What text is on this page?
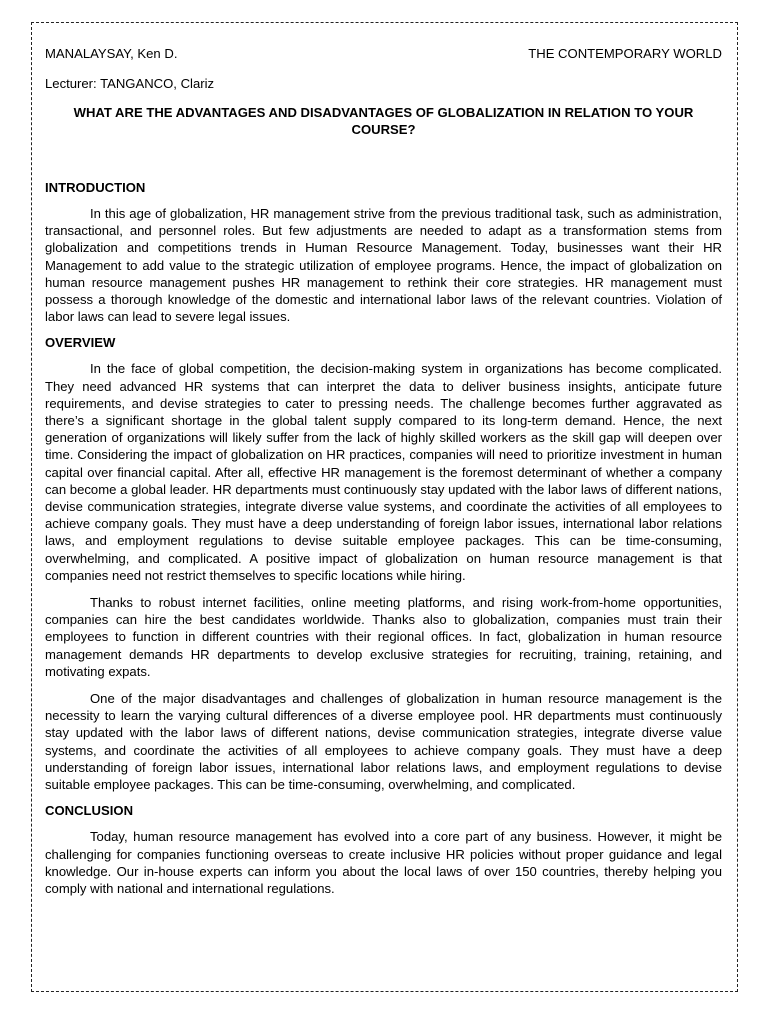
MANALAYSAY, Ken D.	THE CONTEMPORARY WORLD
Lecturer: TANGANCO, Clariz
WHAT ARE THE ADVANTAGES AND DISADVANTAGES OF GLOBALIZATION IN RELATION TO YOUR COURSE?
INTRODUCTION

In this age of globalization, HR management strive from the previous traditional task, such as administration, transactional, and personnel roles. But few adjustments are needed to adapt as a transformation stems from globalization and competitions trends in Human Resource Management. Today, businesses want their HR Management to add value to the strategic utilization of employee programs. Hence, the impact of globalization on human resource management pushes HR management to rethink their core strategies. HR management must possess a thorough knowledge of the domestic and international labor laws of the relevant countries. Violation of labor laws can lead to severe legal issues.

OVERVIEW

In the face of global competition, the decision-making system in organizations has become complicated. They need advanced HR systems that can interpret the data to deliver business insights, anticipate future requirements, and devise strategies to cater to pressing needs. The challenge becomes further aggravated as there’s a significant shortage in the global talent supply compared to its long-term demand. Hence, the next generation of organizations will likely suffer from the lack of highly skilled workers as the skill gap will deepen over time. Considering the impact of globalization on HR practices, companies will need to prioritize investment in human capital over financial capital. After all, effective HR management is the foremost determinant of whether a company can become a global leader. HR departments must continuously stay updated with the labor laws of different nations, devise communication strategies, integrate diverse value systems, and coordinate the activities of all employees to achieve company goals. They must have a deep understanding of foreign labor issues, international labor relations laws, and employment regulations to devise suitable employee packages. This can be time-consuming, overwhelming, and complicated. A positive impact of globalization on human resource management is that companies need not restrict themselves to specific locations while hiring.

Thanks to robust internet facilities, online meeting platforms, and rising work-from-home opportunities, companies can hire the best candidates worldwide. Thanks also to globalization, companies must train their employees to function in different countries with their regional offices. In fact, globalization in human resource management demands HR departments to develop exclusive strategies for recruiting, training, retaining, and motivating expats.

One of the major disadvantages and challenges of globalization in human resource management is the necessity to learn the varying cultural differences of a diverse employee pool. HR departments must continuously stay updated with the labor laws of different nations, devise communication strategies, integrate diverse value systems, and coordinate the activities of all employees to achieve company goals. They must have a deep understanding of foreign labor issues, international labor relations laws, and employment regulations to devise suitable employee packages. This can be time-consuming, overwhelming, and complicated.

CONCLUSION

Today, human resource management has evolved into a core part of any business. However, it might be challenging for companies functioning overseas to create inclusive HR policies without proper guidance and legal knowledge. Our in-house experts can inform you about the local laws of over 150 countries, thereby helping you comply with national and international regulations.
